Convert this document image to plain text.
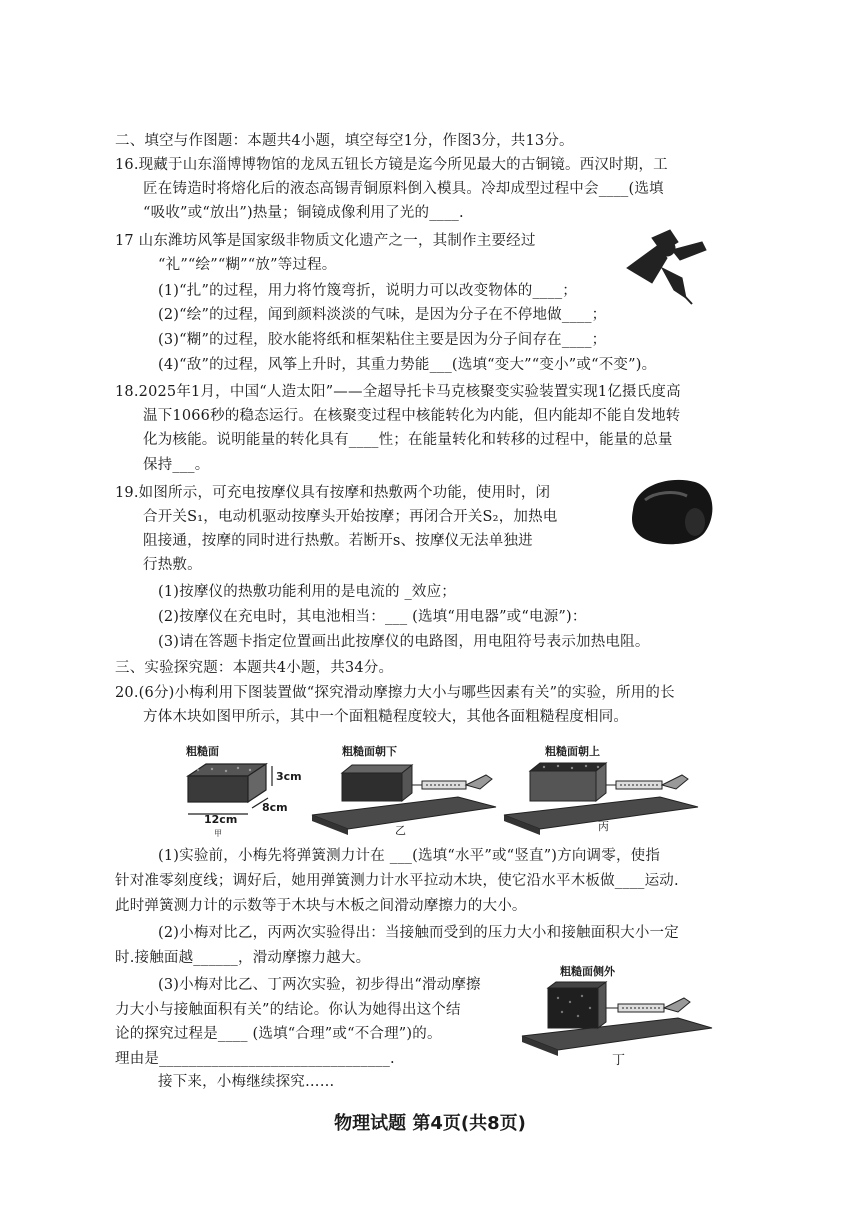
二、填空与作图题：本题共4小题，填空每空1分，作图3分，共13分。
16.现藏于山东淄博博物馆的龙凤五钮长方镜是迄今所见最大的古铜镜。西汉时期，工
匠在铸造时将熔化后的液态高锡青铜原料倒入模具。冷却成型过程中会____(选填
“吸收”或“放出”)热量；铜镜成像利用了光的____.
17 山东潍坊风筝是国家级非物质文化遗产之一，其制作主要经过
“礼”“绘”“糊”“放”等过程。
(1)“扎”的过程，用力将竹篾弯折，说明力可以改变物体的____；
(2)“绘”的过程，闻到颜料淡淡的气味，是因为分子在不停地做____；
(3)“糊”的过程，胶水能将纸和框架粘住主要是因为分子间存在____；
(4)“敌”的过程，风筝上升时，其重力势能___(选填“变大”“变小”或“不变”)。
18.2025年1月，中国“人造太阳”——全超导托卡马克核聚变实验装置实现1亿摄氏度高
温下1066秒的稳态运行。在核聚变过程中核能转化为内能，但内能却不能自发地转
化为核能。说明能量的转化具有____性；在能量转化和转移的过程中，能量的总量
保持___。
19.如图所示，可充电按摩仪具有按摩和热敷两个功能，使用时，闭
合开关S₁，电动机驱动按摩头开始按摩；再闭合开关S₂，加热电
阻接通，按摩的同时进行热敷。若断开s、按摩仪无法单独进
行热敷。
(1)按摩仪的热敷功能利用的是电流的 _效应；
(2)按摩仪在充电时，其电池相当：___ (选填“用电器”或“电源”)：
(3)请在答题卡指定位置画出此按摩仪的电路图，用电阻符号表示加热电阻。
三、实验探究题：本题共4小题，共34分。
20.(6分)小梅利用下图装置做“探究滑动摩擦力大小与哪些因素有关”的实验，所用的长
方体木块如图甲所示，其中一个面粗糙程度较大，其他各面粗糙程度相同。
粗糙面
3cm
8cm
12cm
甲
粗糙面朝下
乙
粗糙面朝上
丙
(1)实验前，小梅先将弹簧测力计在 ___(选填“水平”或“竖直”)方向调零，使指
针对准零刻度线；调好后，她用弹簧测力计水平拉动木块，使它沿水平木板做____运动.
此时弹簧测力计的示数等于木块与木板之间滑动摩擦力的大小。
(2)小梅对比乙，丙两次实验得出：当接触而受到的压力大小和接触面积大小一定
时.接触面越______，滑动摩擦力越大。
(3)小梅对比乙、丁两次实验，初步得出“滑动摩擦
力大小与接触面积有关”的结论。你认为她得出这个结
论的探究过程是____ (选填“合理”或“不合理”)的。
理由是_______________________________.
粗糙面侧外
丁
接下来，小梅继续探究……
物理试题 第4页(共8页)
